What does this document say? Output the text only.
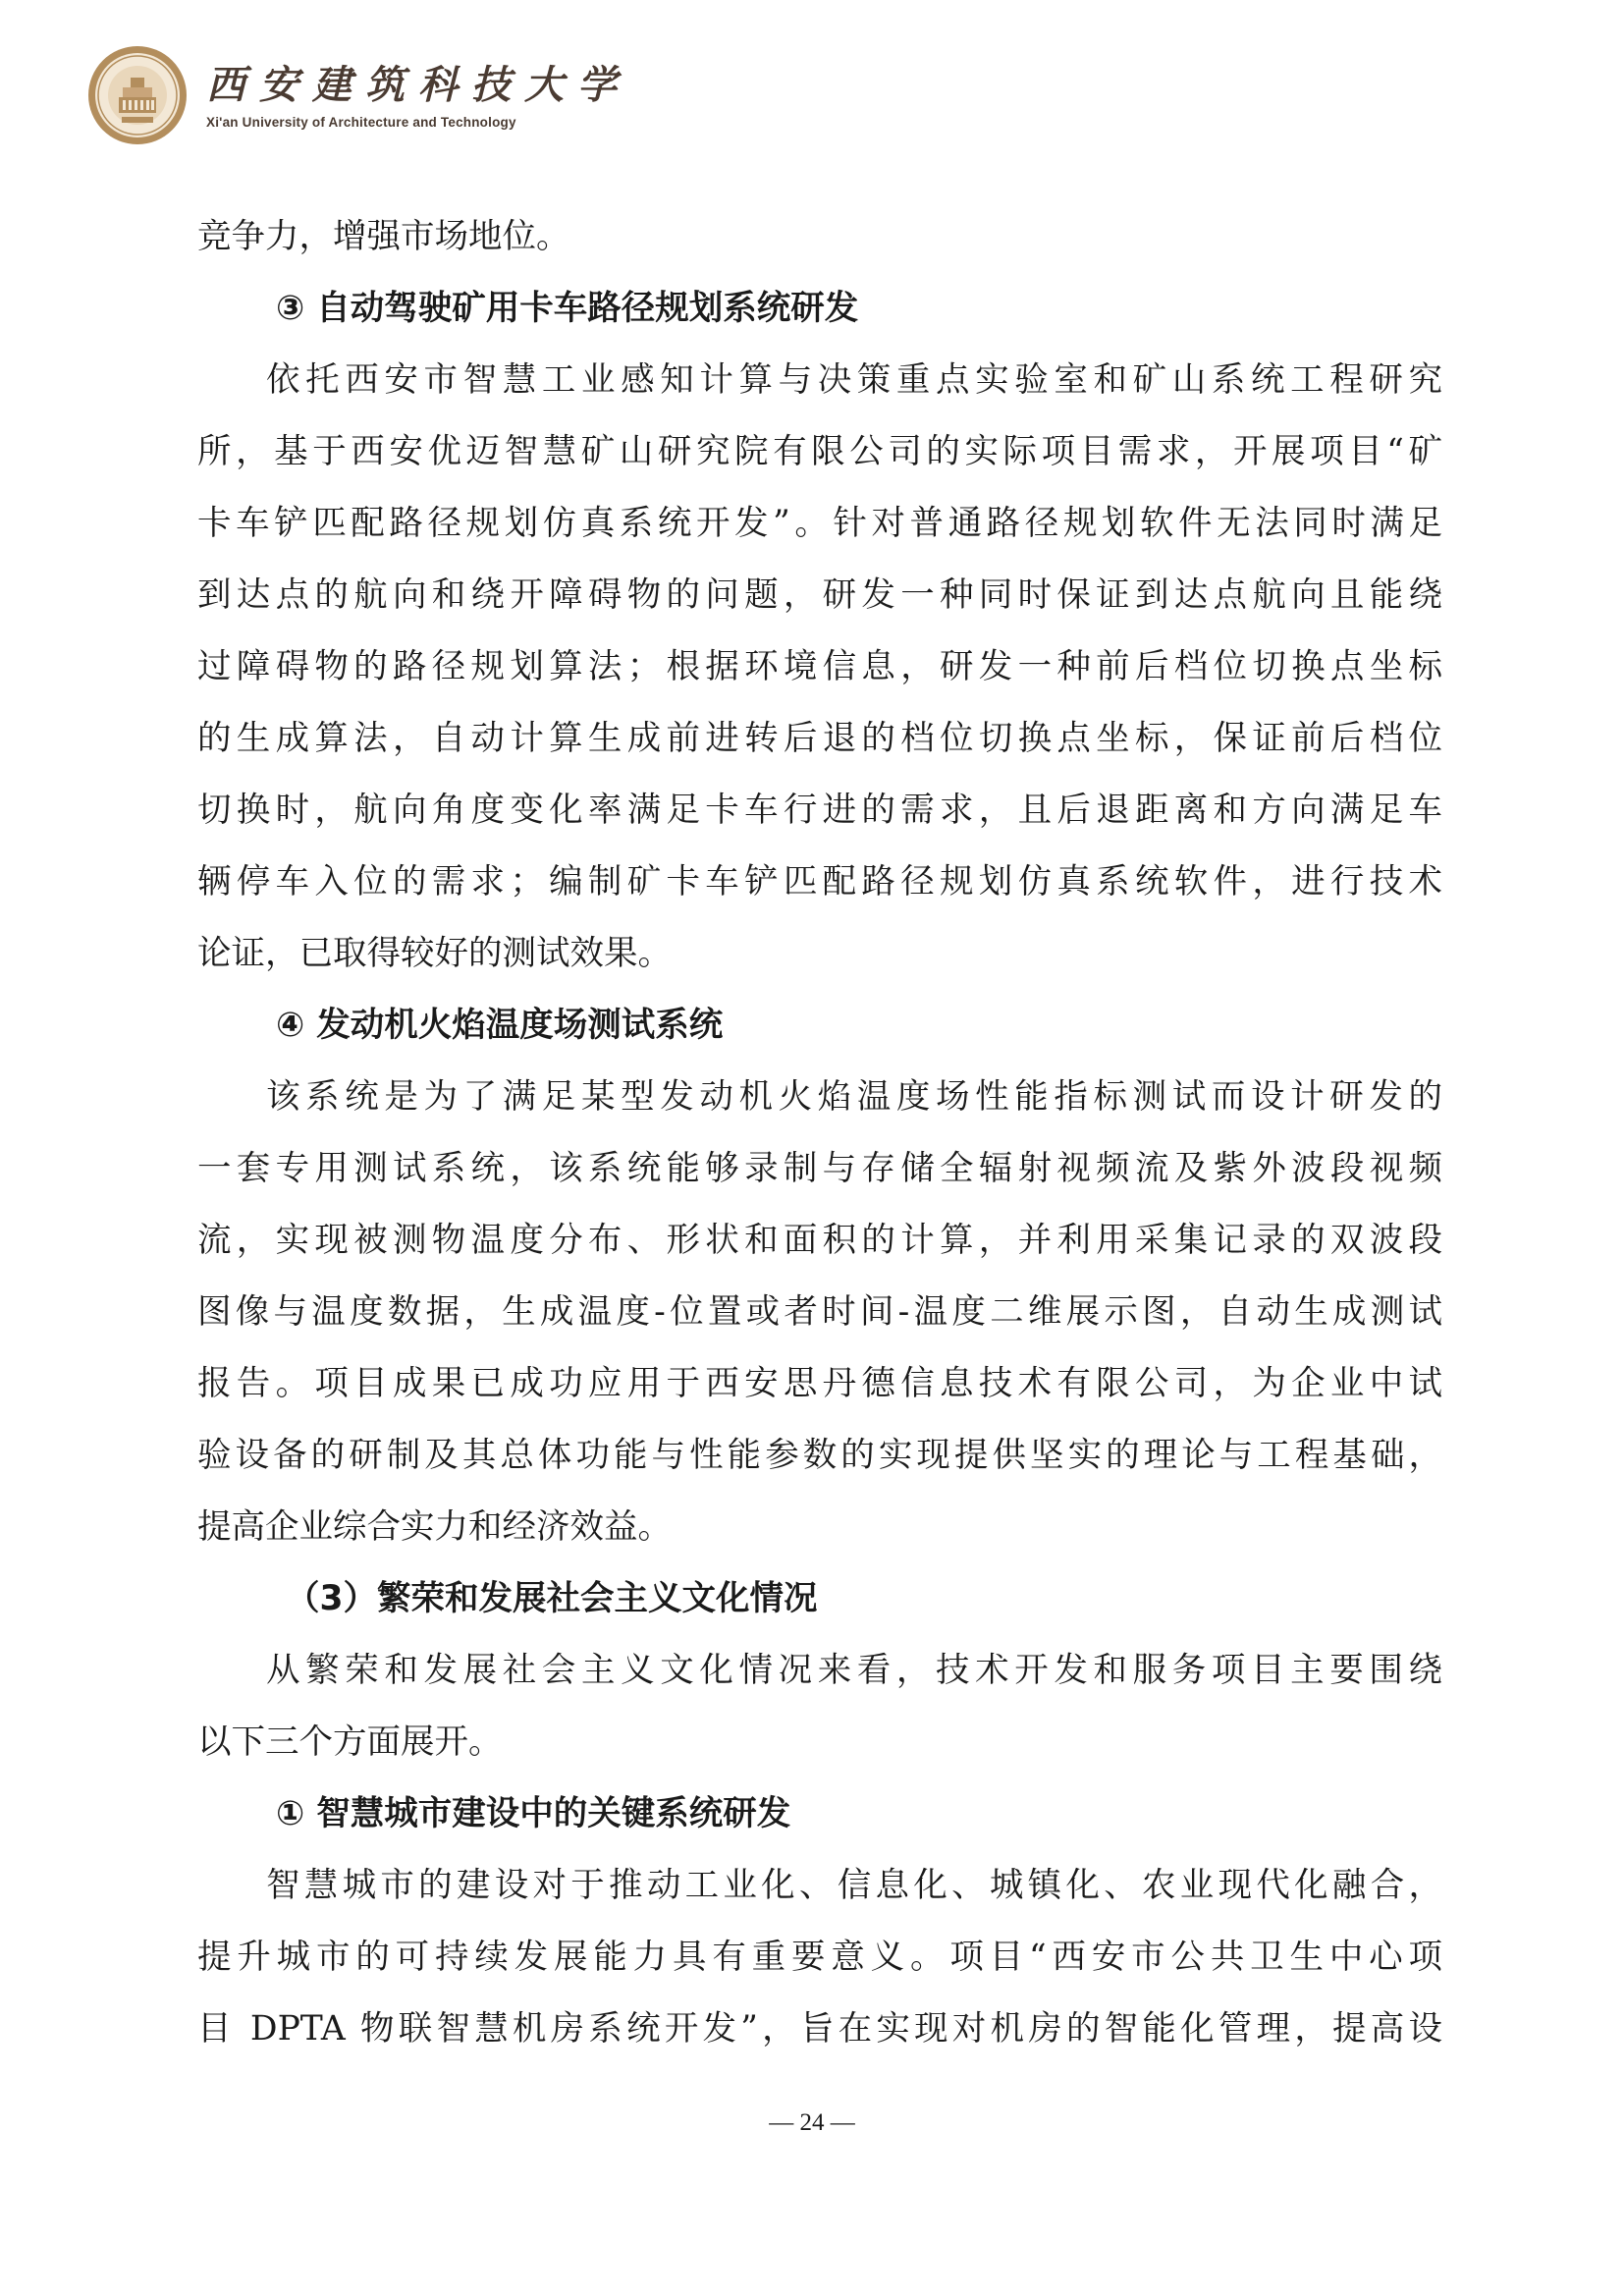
西安建筑科技大学
Xi'an University of Architecture and Technology
竞争力，增强市场地位。
③ 自动驾驶矿用卡车路径规划系统研发
依托西安市智慧工业感知计算与决策重点实验室和矿山系统工程研究
所，基于西安优迈智慧矿山研究院有限公司的实际项目需求，开展项目“矿
卡车铲匹配路径规划仿真系统开发”。针对普通路径规划软件无法同时满足
到达点的航向和绕开障碍物的问题，研发一种同时保证到达点航向且能绕
过障碍物的路径规划算法；根据环境信息，研发一种前后档位切换点坐标
的生成算法，自动计算生成前进转后退的档位切换点坐标，保证前后档位
切换时，航向角度变化率满足卡车行进的需求，且后退距离和方向满足车
辆停车入位的需求；编制矿卡车铲匹配路径规划仿真系统软件，进行技术
论证，已取得较好的测试效果。
④ 发动机火焰温度场测试系统
该系统是为了满足某型发动机火焰温度场性能指标测试而设计研发的
一套专用测试系统，该系统能够录制与存储全辐射视频流及紫外波段视频
流，实现被测物温度分布、形状和面积的计算，并利用采集记录的双波段
图像与温度数据，生成温度-位置或者时间-温度二维展示图，自动生成测试
报告。项目成果已成功应用于西安思丹德信息技术有限公司，为企业中试
验设备的研制及其总体功能与性能参数的实现提供坚实的理论与工程基础，
提高企业综合实力和经济效益。
（3）繁荣和发展社会主义文化情况
从繁荣和发展社会主义文化情况来看，技术开发和服务项目主要围绕
以下三个方面展开。
① 智慧城市建设中的关键系统研发
智慧城市的建设对于推动工业化、信息化、城镇化、农业现代化融合，
提升城市的可持续发展能力具有重要意义。项目“西安市公共卫生中心项
目 DPTA 物联智慧机房系统开发”，旨在实现对机房的智能化管理，提高设
— 24 —
